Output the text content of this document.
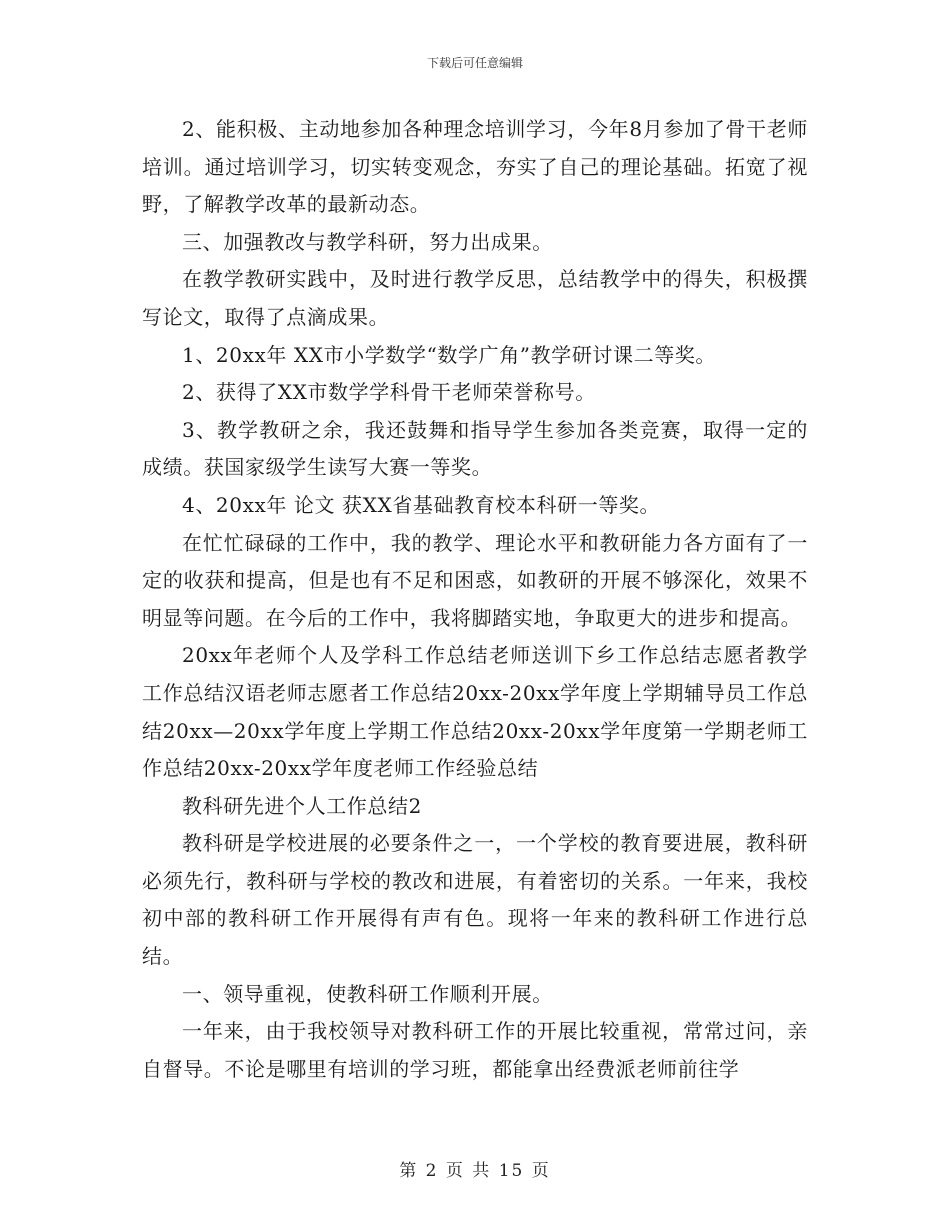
下载后可任意编辑

2、能积极、主动地参加各种理念培训学习，今年8月参加了骨干老师培训。通过培训学习，切实转变观念，夯实了自己的理论基础。拓宽了视野，了解教学改革的最新动态。

三、加强教改与教学科研，努力出成果。

在教学教研实践中，及时进行教学反思，总结教学中的得失，积极撰写论文，取得了点滴成果。

1、20xx年 XX市小学数学“数学广角”教学研讨课二等奖。

2、获得了XX市数学学科骨干老师荣誉称号。

3、教学教研之余，我还鼓舞和指导学生参加各类竞赛，取得一定的成绩。获国家级学生读写大赛一等奖。

4、20xx年 论文 获XX省基础教育校本科研一等奖。

在忙忙碌碌的工作中，我的教学、理论水平和教研能力各方面有了一定的收获和提高，但是也有不足和困惑，如教研的开展不够深化，效果不明显等问题。在今后的工作中，我将脚踏实地，争取更大的进步和提高。

20xx年老师个人及学科工作总结老师送训下乡工作总结志愿者教学工作总结汉语老师志愿者工作总结20xx-20xx学年度上学期辅导员工作总结20xx—20xx学年度上学期工作总结20xx-20xx学年度第一学期老师工作总结20xx-20xx学年度老师工作经验总结

教科研先进个人工作总结2

教科研是学校进展的必要条件之一，一个学校的教育要进展，教科研必须先行，教科研与学校的教改和进展，有着密切的关系。一年来，我校初中部的教科研工作开展得有声有色。现将一年来的教科研工作进行总结。

一、领导重视，使教科研工作顺利开展。

一年来，由于我校领导对教科研工作的开展比较重视，常常过问，亲自督导。不论是哪里有培训的学习班，都能拿出经费派老师前往学

第 2 页 共 15 页
